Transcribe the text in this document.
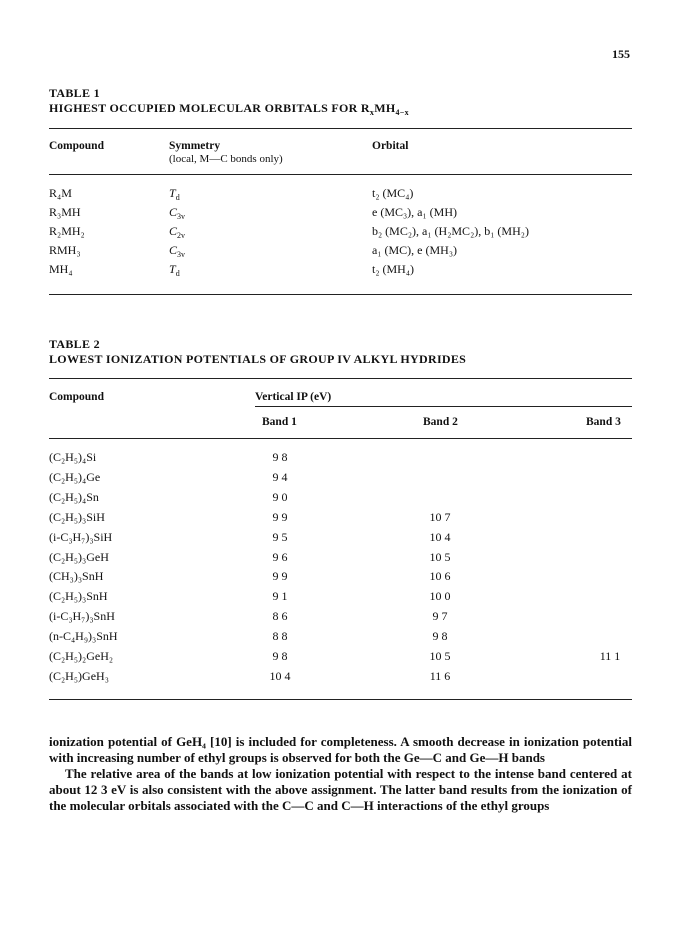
155
TABLE 1
HIGHEST OCCUPIED MOLECULAR ORBITALS FOR $R_xMH_{4-x}$
Compound	Symmetry
(local, M—C bonds only)
Orbital
R₄M	$T_d$	t₂ (MC₄)
R₃MH	$C_{3v}$	e (MC₃), a₁ (MH)
R₂MH₂	$C_{2v}$	b₂ (MC₂), a₁ (H₂MC₂), b₁ (MH₂)
RMH₃	$C_{3v}$	a₁ (MC), e (MH₃)
MH₄	$T_d$	t₂ (MH₄)
TABLE 2
LOWEST IONIZATION POTENTIALS OF GROUP IV ALKYL HYDRIDES
Compound	Vertical IP (eV)
Band 1	Band 2	Band 3
(C₂H₅)₄Si	9 8
(C₂H₅)₄Ge	9 4
(C₂H₅)₄Sn	9 0
(C₂H₅)₃SiH	9 9	10 7
(i-C₃H₇)₃SiH	9 5	10 4
(C₂H₅)₃GeH	9 6	10 5
(CH₃)₃SnH	9 9	10 6
(C₂H₅)₃SnH	9 1	10 0
(i-C₃H₇)₃SnH	8 6	9 7
(n-C₄H₉)₃SnH	8 8	9 8
(C₂H₅)₂GeH₂	9 8	10 5	11 1
(C₂H₅)GeH₃	10 4	11 6

ionization potential of GeH₄ [10] is included for completeness. A smooth decrease in ionization potential with increasing number of ethyl groups is observed for both the Ge—C and Ge—H bands

The relative area of the bands at low ionization potential with respect to the intense band centered at about 12 3 eV is also consistent with the above assignment. The latter band results from the ionization of the molecular orbitals associated with the C—C and C—H interactions of the ethyl groups
